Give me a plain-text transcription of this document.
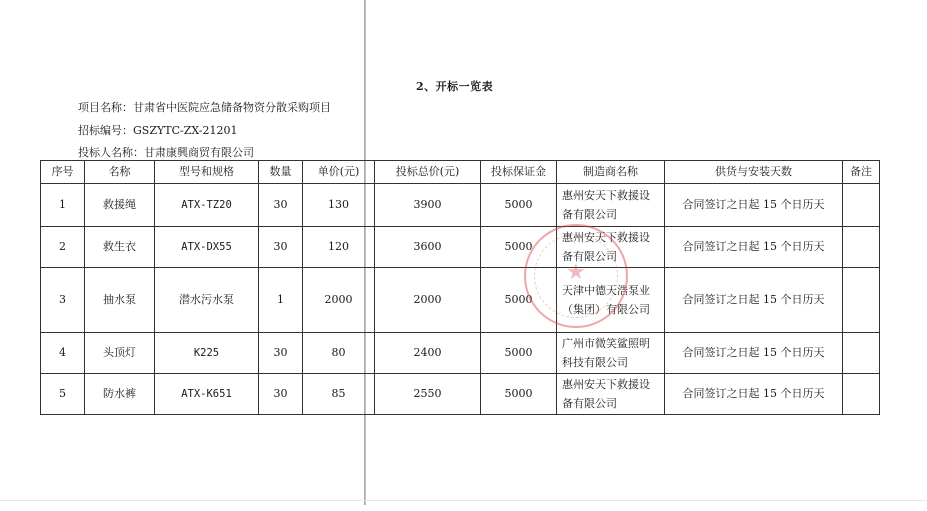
2、开标一览表
项目名称：甘肃省中医院应急储备物资分散采购项目
招标编号：GSZYTC-ZX-21201
投标人名称：甘肃康興商贸有限公司
序号	名称	型号和规格	数量	单价(元)	投标总价(元)	投标保证金	制造商名称	供货与安装天数	备注
1	救援绳	ATX-TZ20	30	130	3900	5000	惠州安天下救援设备有限公司	合同签订之日起 15 个日历天	
2	救生衣	ATX-DX55	30	120	3600	5000	惠州安天下救援设备有限公司	合同签订之日起 15 个日历天	
3	抽水泵	潜水污水泵	1	2000	2000	5000	天津中德天浩泵业（集团）有限公司	合同签订之日起 15 个日历天	
4	头顶灯	K225	30	80	2400	5000	广州市微笑鲨照明科技有限公司	合同签订之日起 15 个日历天	
5	防水裤	ATX-K651	30	85	2550	5000	惠州安天下救援设备有限公司	合同签订之日起 15 个日历天	
★
